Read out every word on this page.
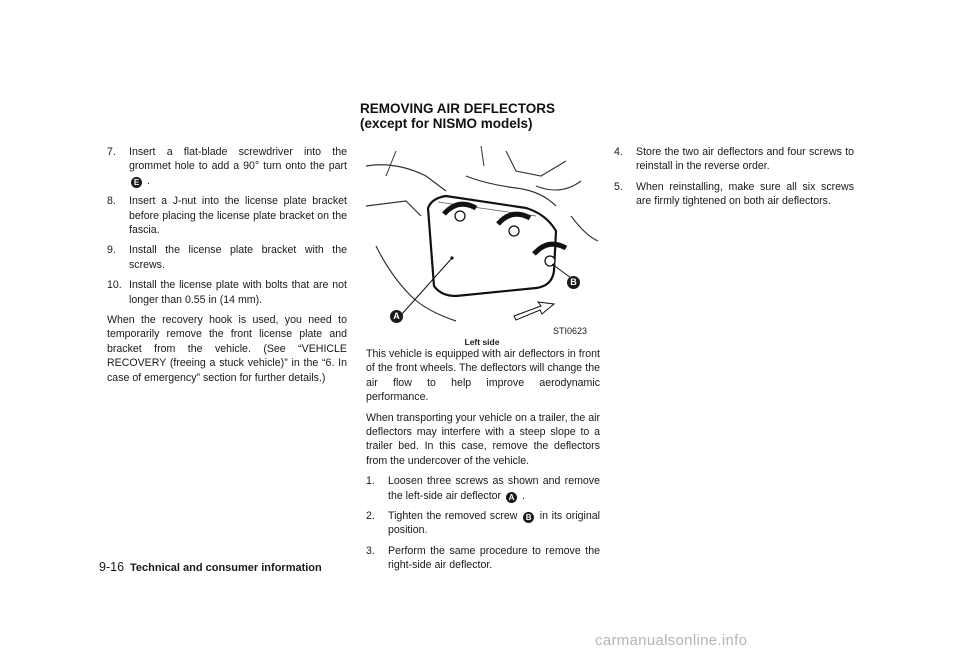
REMOVING AIR DEFLECTORS
(except for NISMO models)
7. Insert a flat-blade screwdriver into the grommet hole to add a 90° turn onto the part E .
8. Insert a J-nut into the license plate bracket before placing the license plate bracket on the fascia.
9. Install the license plate bracket with the screws.
10. Install the license plate with bolts that are not longer than 0.55 in (14 mm).

When the recovery hook is used, you need to temporarily remove the front license plate and bracket from the vehicle. (See “VEHICLE RECOVERY (freeing a stuck vehicle)” in the “6. In case of emergency” section for further details.)

A
B
STI0623
Left side

This vehicle is equipped with air deflectors in front of the front wheels. The deflectors will change the air flow to help improve aerodynamic performance.

When transporting your vehicle on a trailer, the air deflectors may interfere with a steep slope to a trailer bed. In this case, remove the deflectors from the undercover of the vehicle.

1. Loosen three screws as shown and remove the left-side air deflector A .
2. Tighten the removed screw B in its original position.
3. Perform the same procedure to remove the right-side air deflector.
4. Store the two air deflectors and four screws to reinstall in the reverse order.
5. When reinstalling, make sure all six screws are firmly tightened on both air deflectors.
9-16 Technical and consumer information
carmanualsonline.info
